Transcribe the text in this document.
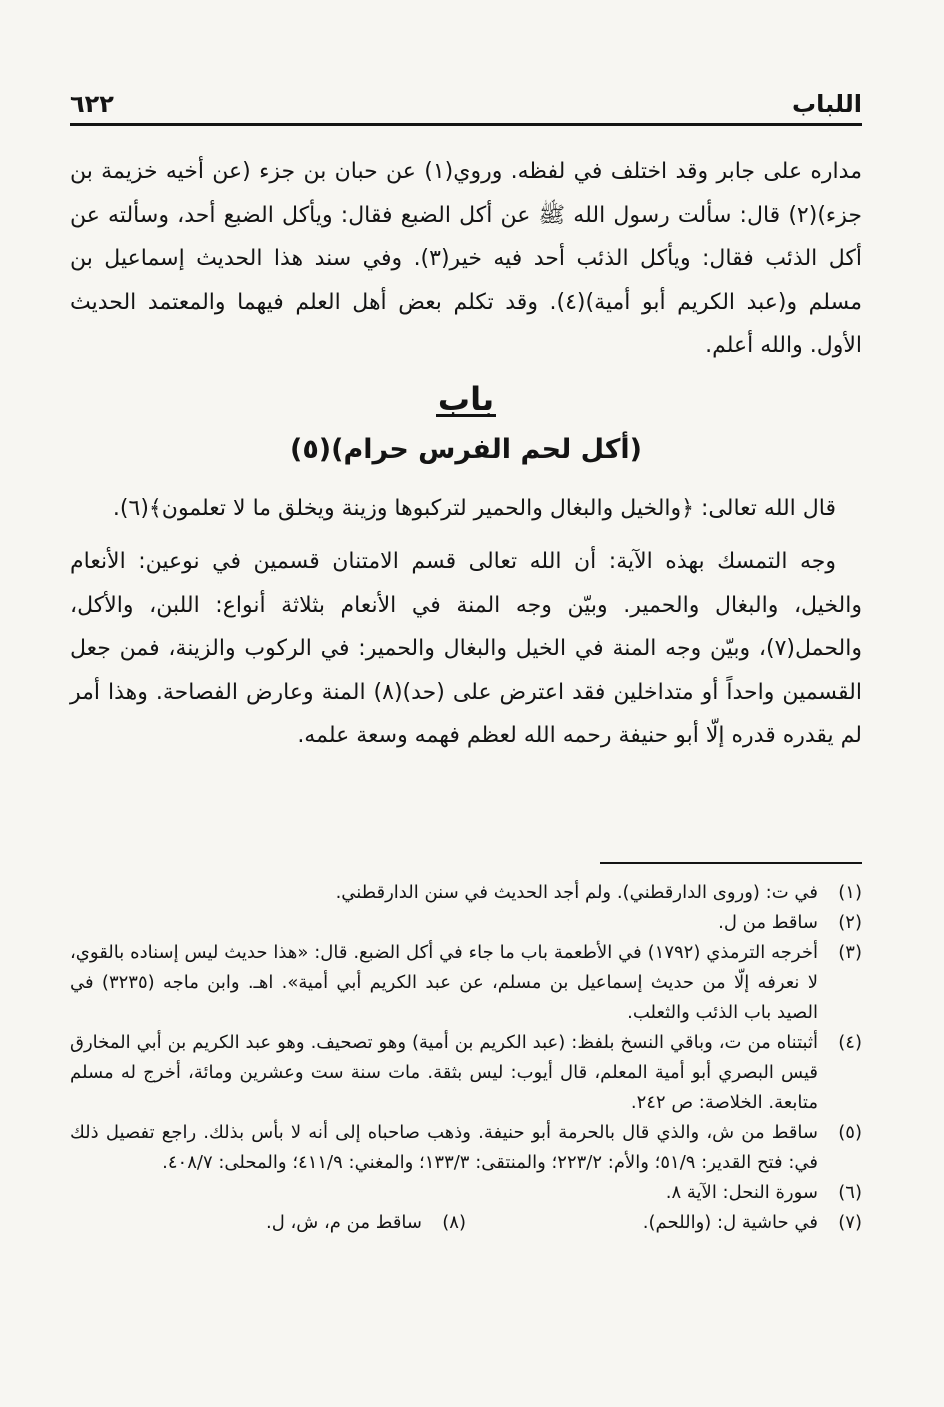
٦٢٢	اللباب

مداره على جابر وقد اختلف في لفظه. وروي(١) عن حبان بن جزء (عن أخيه خزيمة بن جزء)(٢) قال: سألت رسول الله ﷺ عن أكل الضبع فقال: ويأكل الضبع أحد، وسألته عن أكل الذئب فقال: ويأكل الذئب أحد فيه خير(٣). وفي سند هذا الحديث إسماعيل بن مسلم و(عبد الكريم أبو أمية)(٤). وقد تكلم بعض أهل العلم فيهما والمعتمد الحديث الأول. والله أعلم.

باب

(أكل لحم الفرس حرام)(٥)

قال الله تعالى: ﴿والخيل والبغال والحمير لتركبوها وزينة ويخلق ما لا تعلمون﴾(٦).

وجه التمسك بهذه الآية: أن الله تعالى قسم الامتنان قسمين في نوعين: الأنعام والخيل، والبغال والحمير. وبيّن وجه المنة في الأنعام بثلاثة أنواع: اللبن، والأكل، والحمل(٧)، وبيّن وجه المنة في الخيل والبغال والحمير: في الركوب والزينة، فمن جعل القسمين واحداً أو متداخلين فقد اعترض على (حد)(٨) المنة وعارض الفصاحة. وهذا أمر لم يقدره قدره إلّا أبو حنيفة رحمه الله لعظم فهمه وسعة علمه.

(١)
في ت: (وروى الدارقطني). ولم أجد الحديث في سنن الدارقطني.
(٢)
ساقط من ل.
(٣)
أخرجه الترمذي (١٧٩٢) في الأطعمة باب ما جاء في أكل الضبع. قال: «هذا حديث ليس إسناده بالقوي، لا نعرفه إلّا من حديث إسماعيل بن مسلم، عن عبد الكريم أبي أمية». اهـ. وابن ماجه (٣٢٣٥) في الصيد باب الذئب والثعلب.
(٤)
أثبتناه من ت، وباقي النسخ بلفظ: (عبد الكريم بن أمية) وهو تصحيف. وهو عبد الكريم بن أبي المخارق قيس البصري أبو أمية المعلم، قال أيوب: ليس بثقة. مات سنة ست وعشرين ومائة، أخرج له مسلم متابعة. الخلاصة: ص ٢٤٢.
(٥)
ساقط من ش، والذي قال بالحرمة أبو حنيفة. وذهب صاحباه إلى أنه لا بأس بذلك. راجع تفصيل ذلك في: فتح القدير: ٥١/٩؛ والأم: ٢٢٣/٢؛ والمنتقى: ١٣٣/٣؛ والمغني: ٤١١/٩؛ والمحلى: ٤٠٨/٧.
(٦)
سورة النحل: الآية ٨.
(٧)
في حاشية ل: (واللحم).
(٨)
ساقط من م، ش، ل.
